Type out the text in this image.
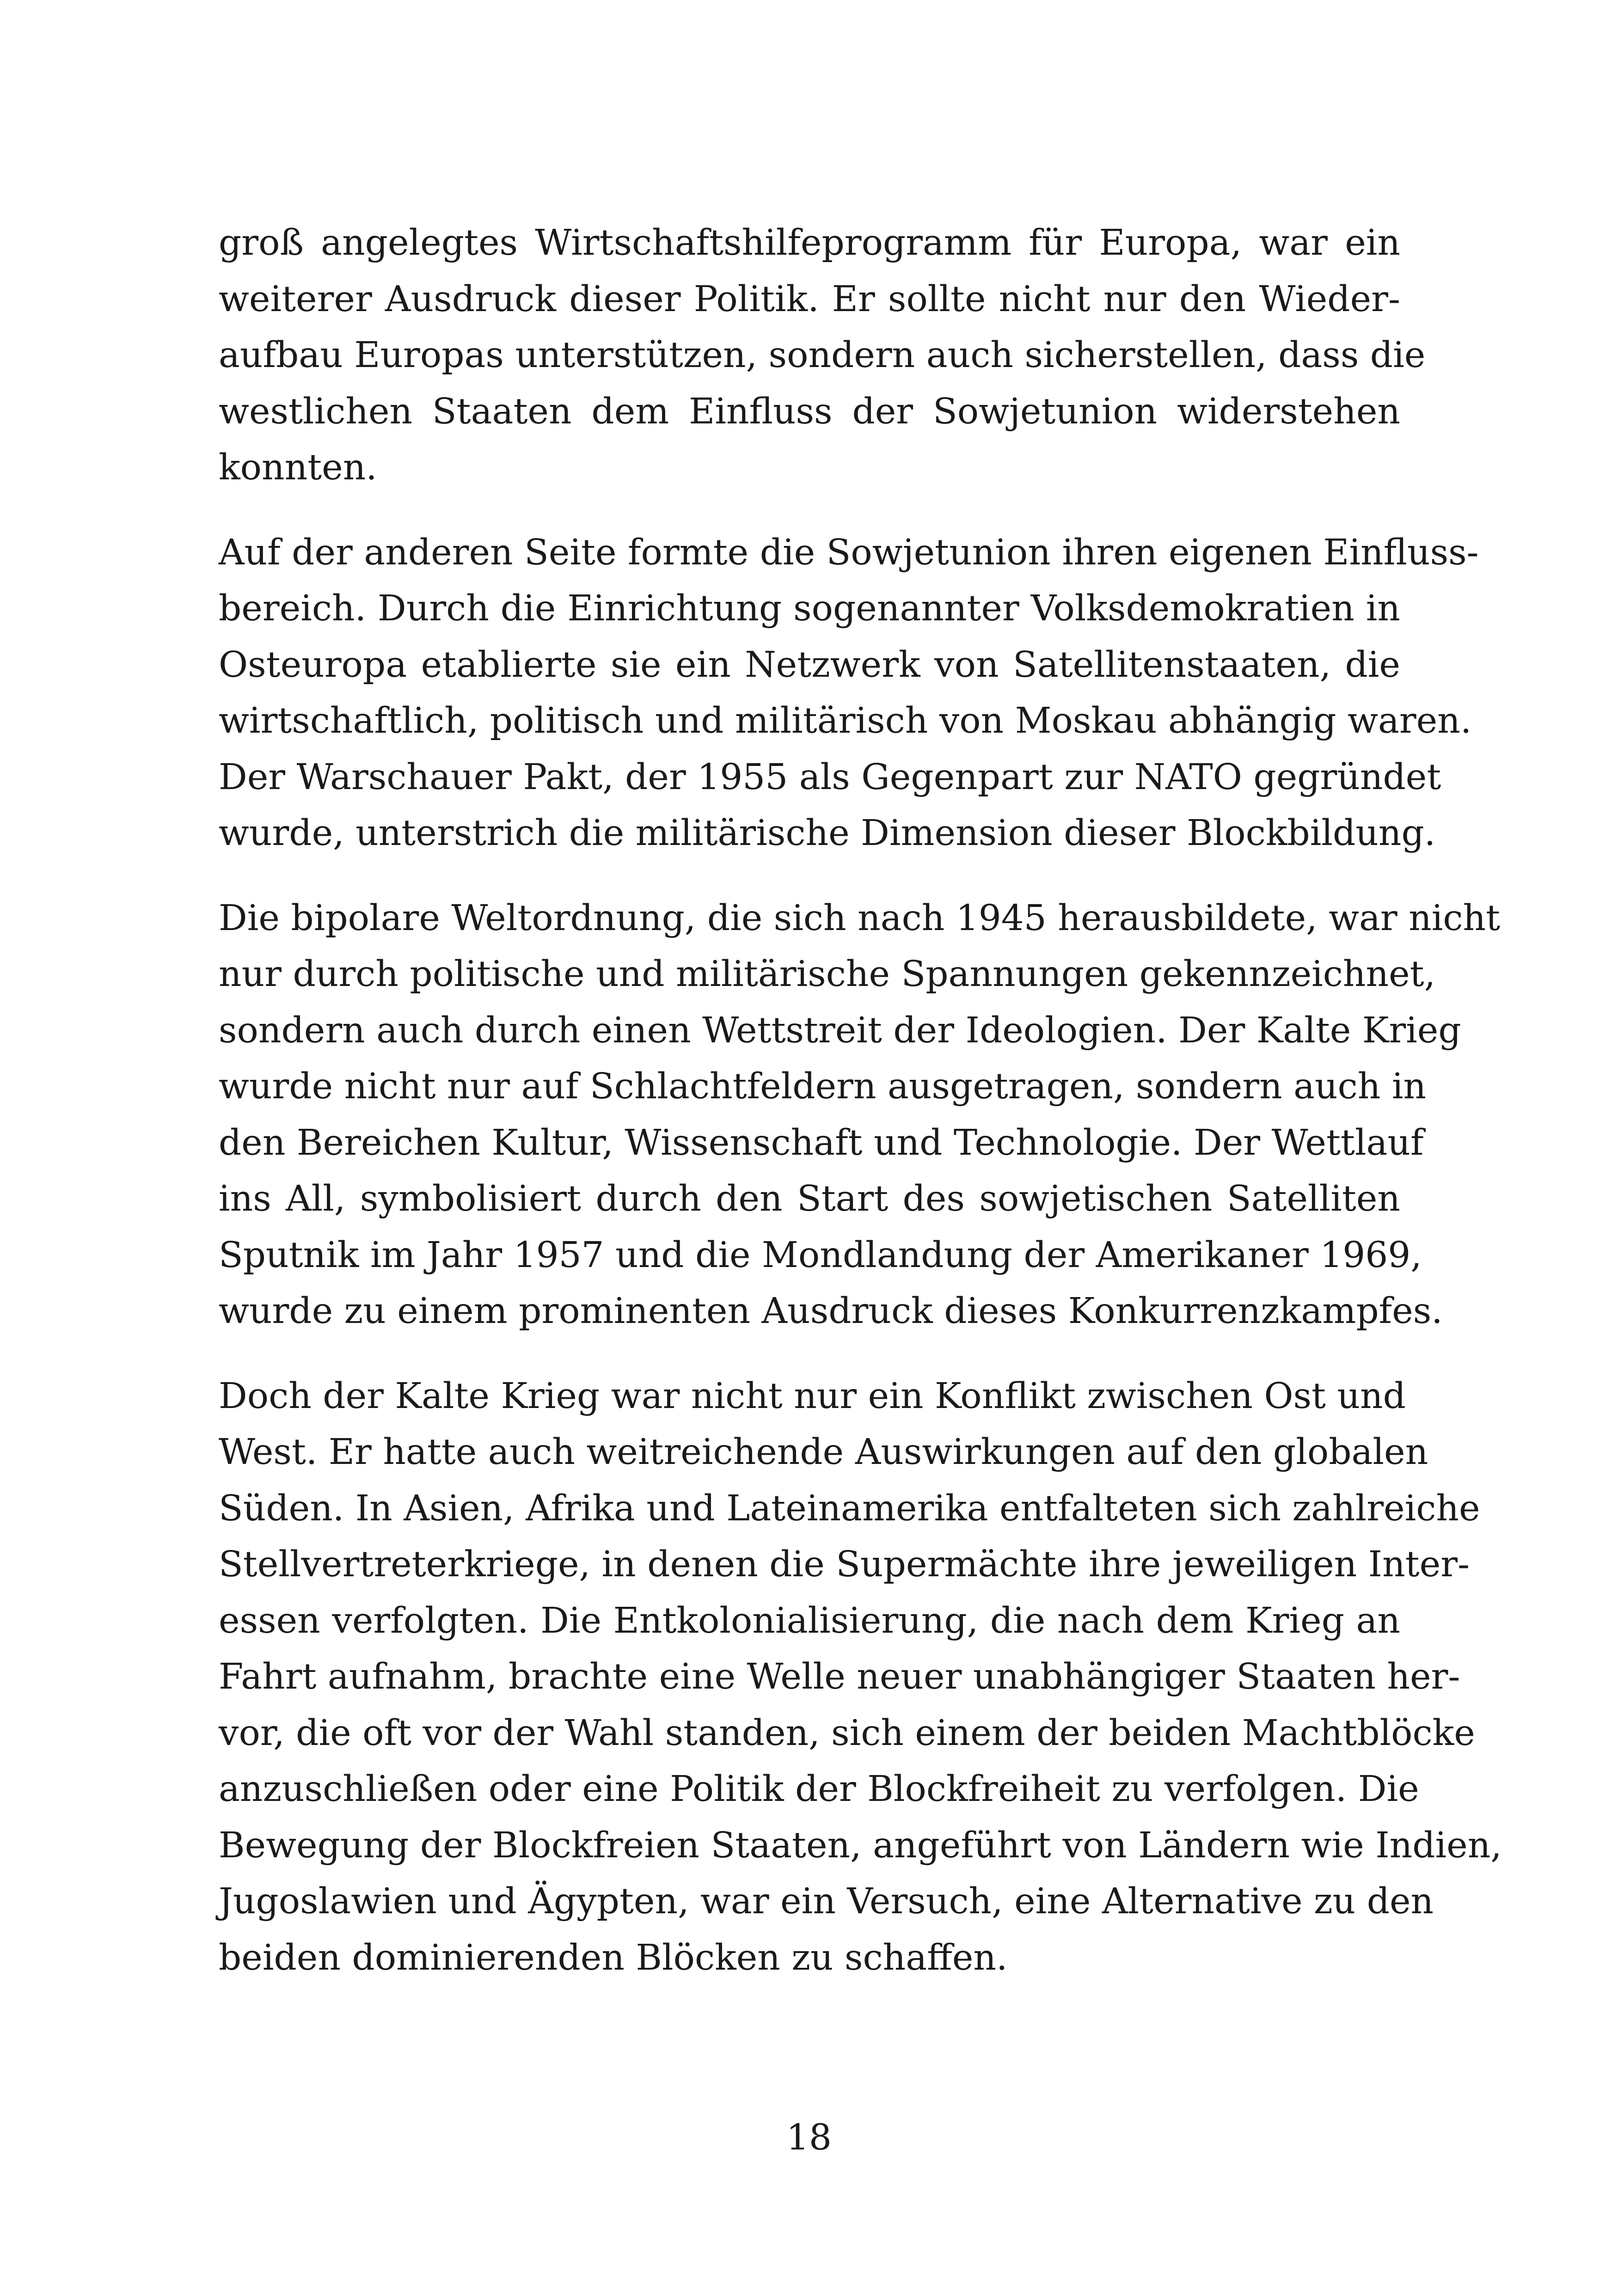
groß angelegtes Wirtschaftshilfeprogramm für Europa, war ein
weiterer Ausdruck dieser Politik. Er sollte nicht nur den Wieder-
aufbau Europas unterstützen, sondern auch sicherstellen, dass die
westlichen Staaten dem Einfluss der Sowjetunion widerstehen
konnten.

Auf der anderen Seite formte die Sowjetunion ihren eigenen Einfluss-
bereich. Durch die Einrichtung sogenannter Volksdemokratien in
Osteuropa etablierte sie ein Netzwerk von Satellitenstaaten, die
wirtschaftlich, politisch und militärisch von Moskau abhängig waren.
Der Warschauer Pakt, der 1955 als Gegenpart zur NATO gegründet
wurde, unterstrich die militärische Dimension dieser Blockbildung.

Die bipolare Weltordnung, die sich nach 1945 herausbildete, war nicht
nur durch politische und militärische Spannungen gekennzeichnet,
sondern auch durch einen Wettstreit der Ideologien. Der Kalte Krieg
wurde nicht nur auf Schlachtfeldern ausgetragen, sondern auch in
den Bereichen Kultur, Wissenschaft und Technologie. Der Wettlauf
ins All, symbolisiert durch den Start des sowjetischen Satelliten
Sputnik im Jahr 1957 und die Mondlandung der Amerikaner 1969,
wurde zu einem prominenten Ausdruck dieses Konkurrenzkampfes.

Doch der Kalte Krieg war nicht nur ein Konflikt zwischen Ost und
West. Er hatte auch weitreichende Auswirkungen auf den globalen
Süden. In Asien, Afrika und Lateinamerika entfalteten sich zahlreiche
Stellvertreterkriege, in denen die Supermächte ihre jeweiligen Inter-
essen verfolgten. Die Entkolonialisierung, die nach dem Krieg an
Fahrt aufnahm, brachte eine Welle neuer unabhängiger Staaten her-
vor, die oft vor der Wahl standen, sich einem der beiden Machtblöcke
anzuschließen oder eine Politik der Blockfreiheit zu verfolgen. Die
Bewegung der Blockfreien Staaten, angeführt von Ländern wie Indien,
Jugoslawien und Ägypten, war ein Versuch, eine Alternative zu den
beiden dominierenden Blöcken zu schaffen.

18
